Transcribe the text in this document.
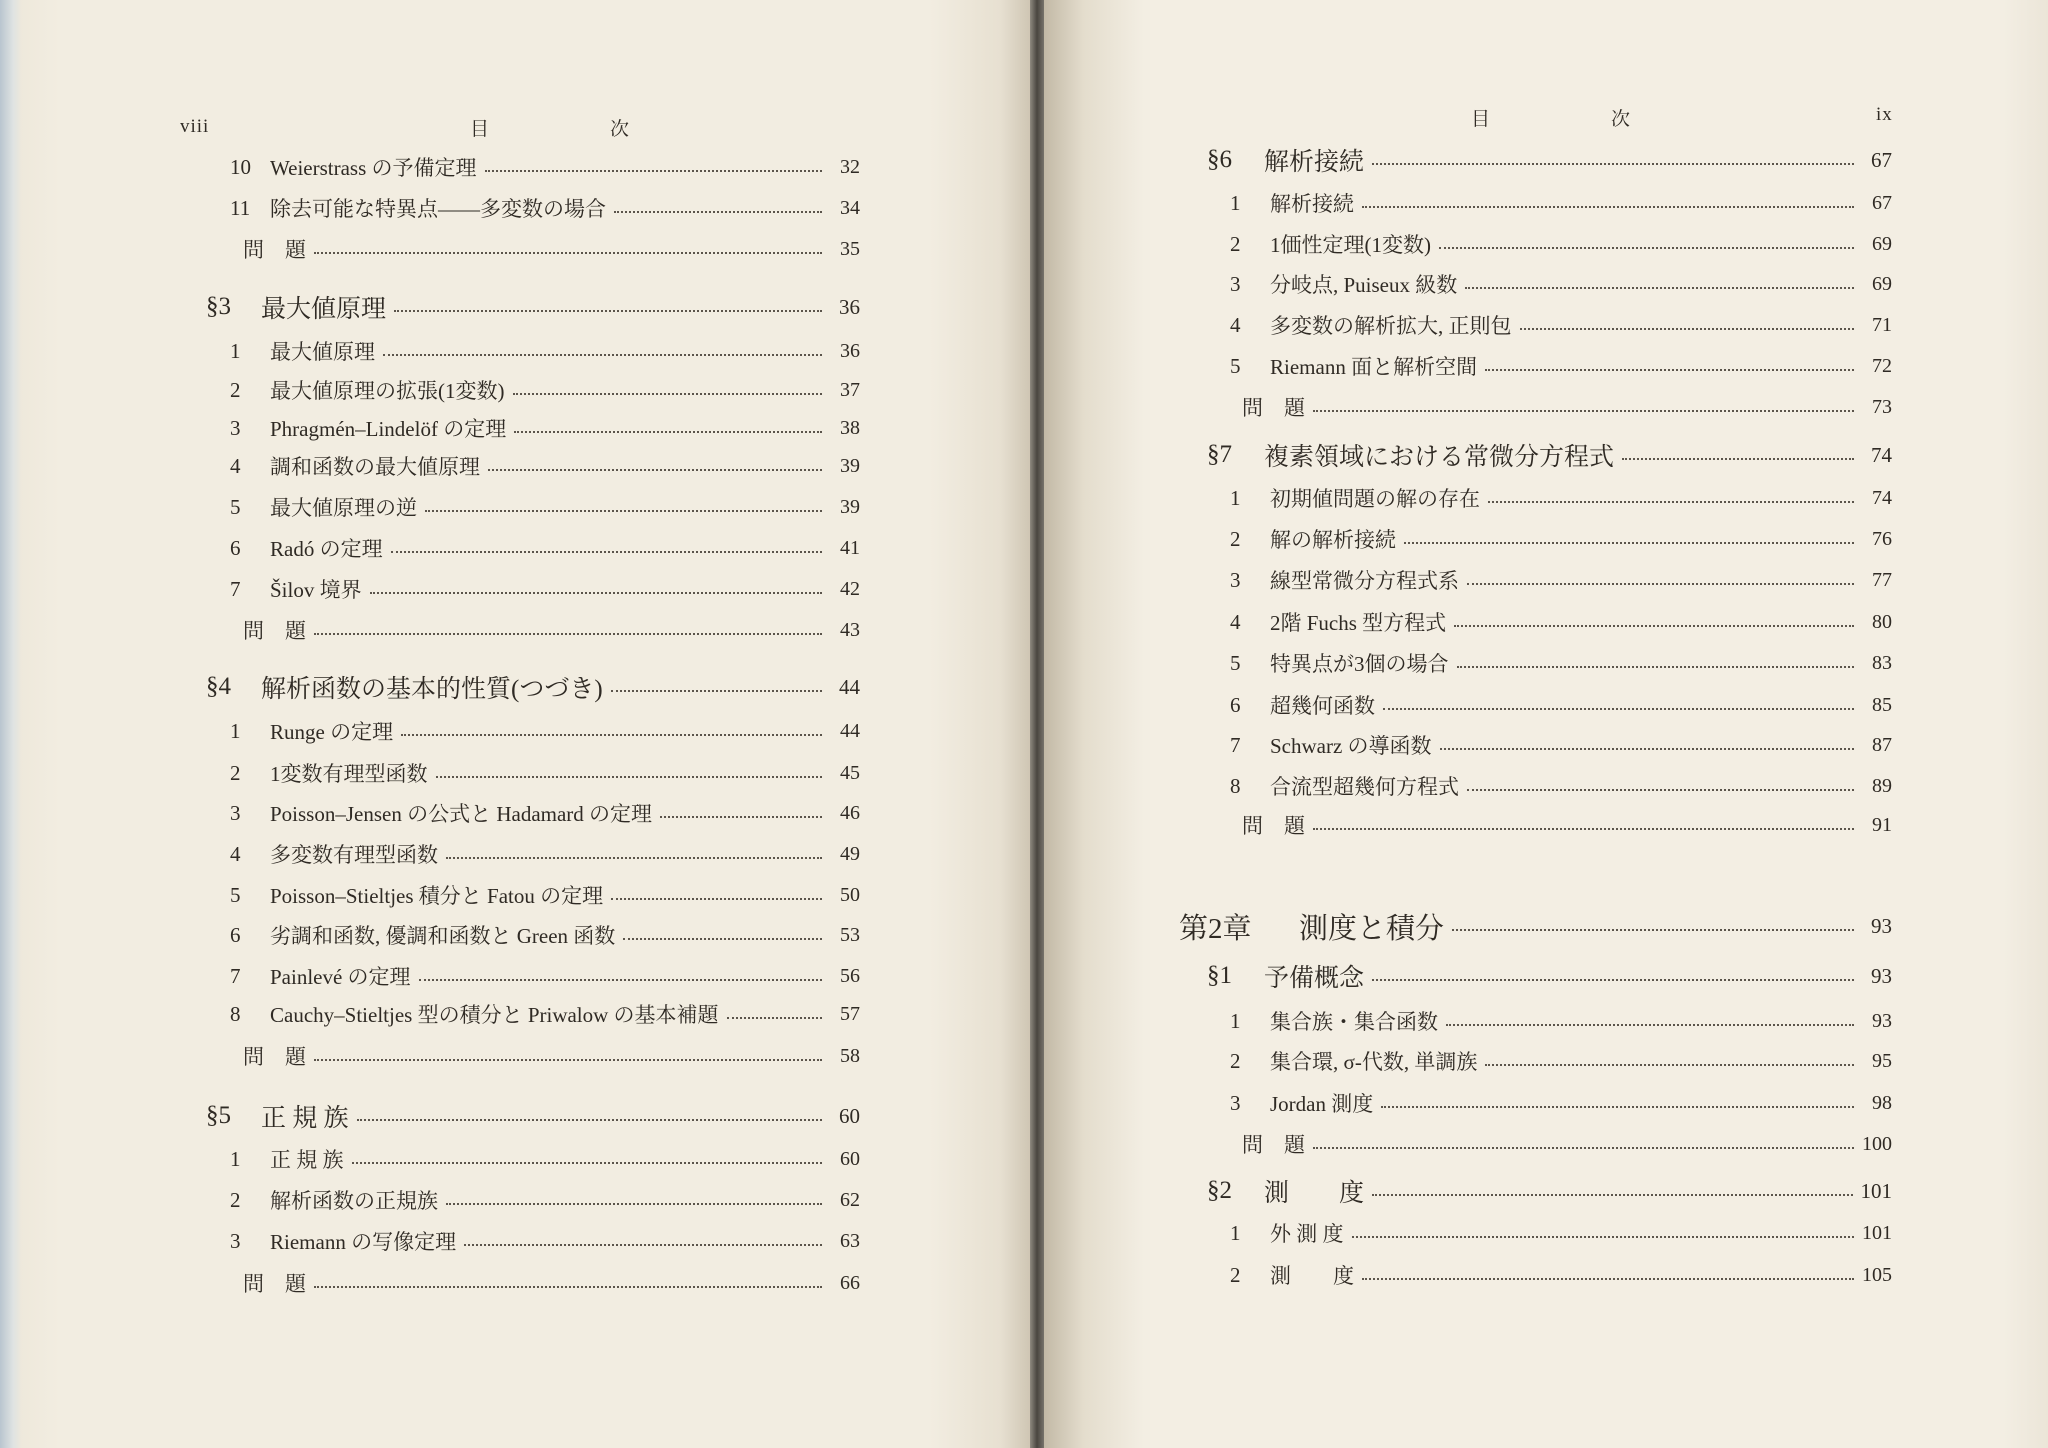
viii	目　　　　　　次
10 Weierstrass の予備定理	32
11 除去可能な特異点――多変数の場合	34
問　題	35
§3	最大値原理	36
1	最大値原理	36
2	最大値原理の拡張(1変数)	37
3	Phragmén–Lindelöf の定理	38
4	調和函数の最大値原理	39
5	最大値原理の逆	39
6	Radó の定理	41
7	Šilov 境界	42
問　題	43
§4	解析函数の基本的性質(つづき)	44
1	Runge の定理	44
2	1変数有理型函数	45
3	Poisson–Jensen の公式と Hadamard の定理	46
4	多変数有理型函数	49
5	Poisson–Stieltjes 積分と Fatou の定理	50
6	劣調和函数, 優調和函数と Green 函数	53
7	Painlevé の定理	56
8	Cauchy–Stieltjes 型の積分と Priwalow の基本補題	57
問　題	58
§5	正 規 族	60
1	正 規 族	60
2	解析函数の正規族	62
3	Riemann の写像定理	63
問　題	66
目　　　　　　次	ix
§6	解析接続	67
1	解析接続	67
2	1価性定理(1変数)	69
3	分岐点, Puiseux 級数	69
4	多変数の解析拡大, 正則包	71
5	Riemann 面と解析空間	72
問　題	73
§7	複素領域における常微分方程式	74
1	初期値問題の解の存在	74
2	解の解析接続	76
3	線型常微分方程式系	77
4	2階 Fuchs 型方程式	80
5	特異点が3個の場合	83
6	超幾何函数	85
7	Schwarz の導函数	87
8	合流型超幾何方程式	89
問　題	91
第2章	測度と積分	93
§1	予備概念	93
1	集合族・集合函数	93
2	集合環, σ-代数, 単調族	95
3	Jordan 測度	98
問　題	100
§2	測　　度	101
1	外 測 度	101
2	測　　度	105
